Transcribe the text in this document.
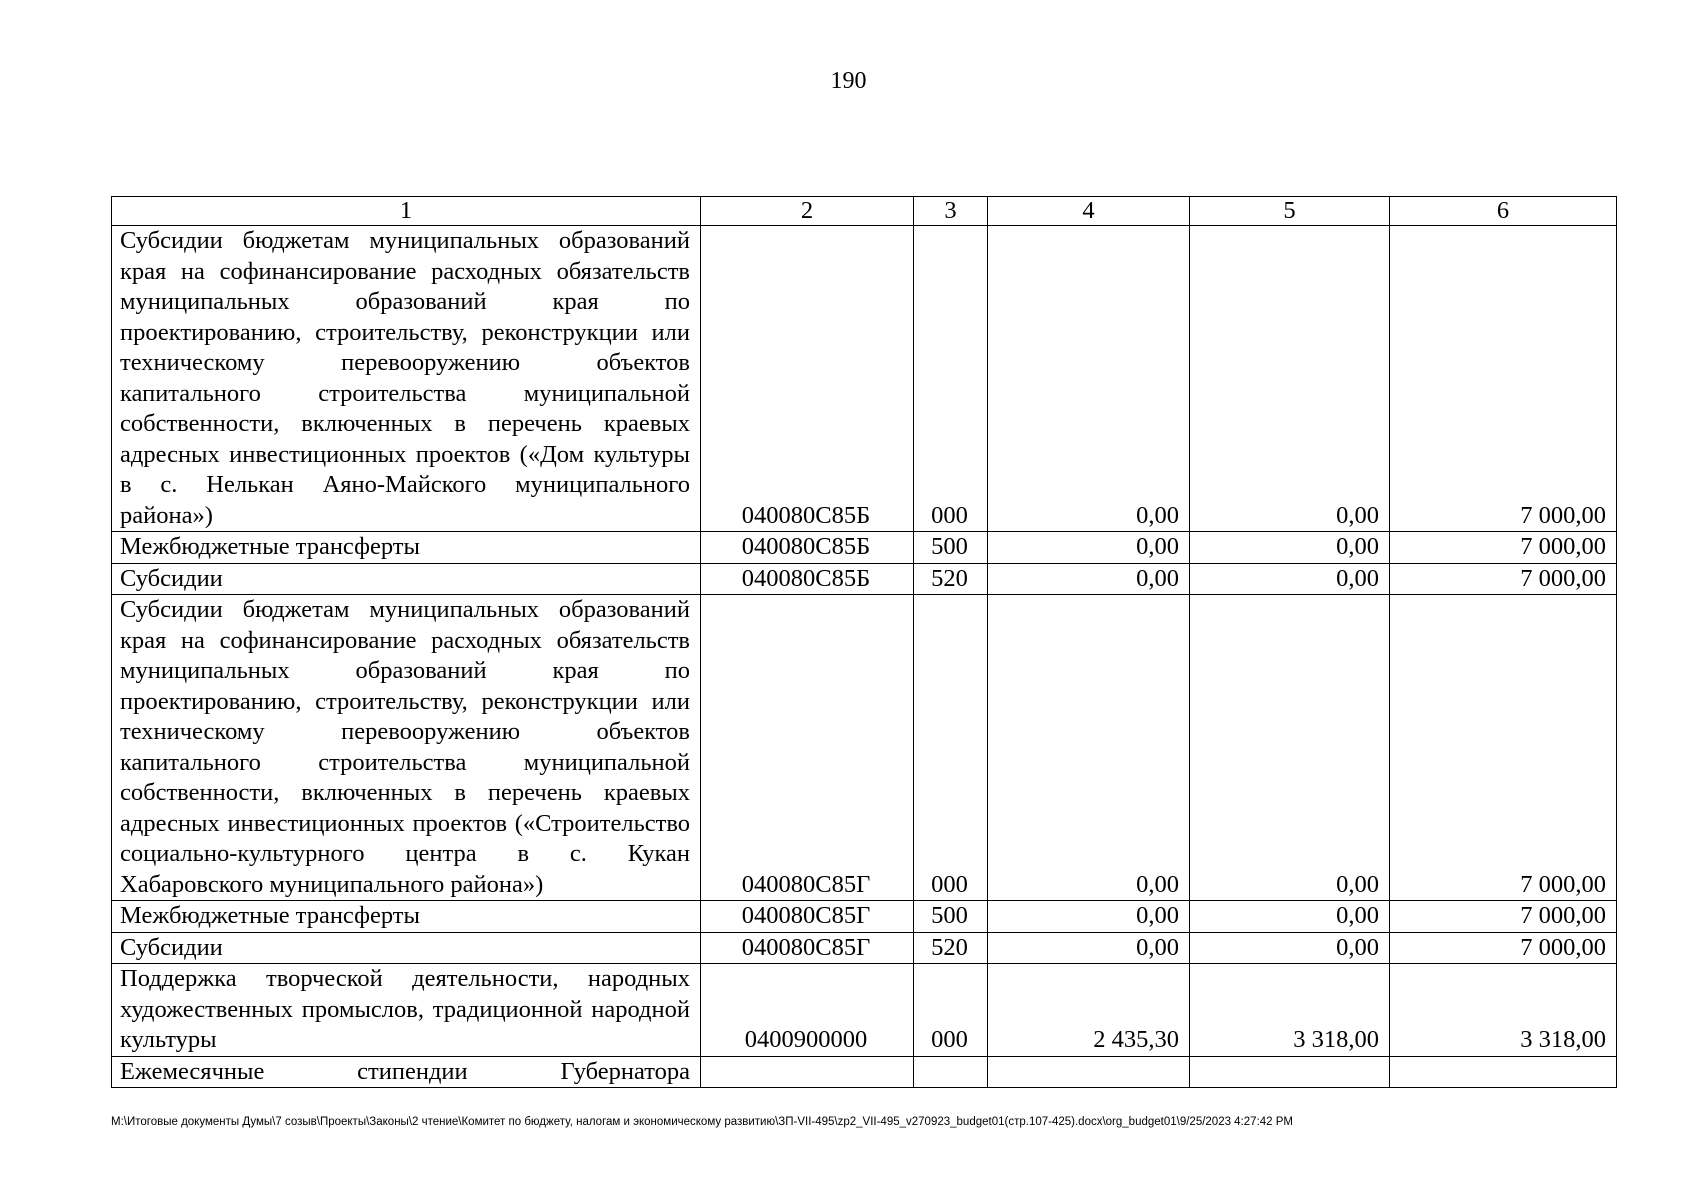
190
1	2	3	4	5	6
Субсидии бюджетам муниципальных образований края на софинансирование расходных обязательств муниципальных образований края по проектированию, строительству, реконструкции или техническому перевооружению объектов капитального строительства муниципальной собственности, включенных в перечень краевых адресных инвестиционных проектов («Дом культуры в с. Нелькан Аяно-Майского муниципального района»)	040080С85Б	000	0,00	0,00	7 000,00
Межбюджетные трансферты	040080С85Б	500	0,00	0,00	7 000,00
Субсидии	040080С85Б	520	0,00	0,00	7 000,00
Субсидии бюджетам муниципальных образований края на софинансирование расходных обязательств муниципальных образований края по проектированию, строительству, реконструкции или техническому перевооружению объектов капитального строительства муниципальной собственности, включенных в перечень краевых адресных инвестиционных проектов («Строительство социально-культурного центра в с. Кукан Хабаровского муниципального района»)	040080С85Г	000	0,00	0,00	7 000,00
Межбюджетные трансферты	040080С85Г	500	0,00	0,00	7 000,00
Субсидии	040080С85Г	520	0,00	0,00	7 000,00
Поддержка творческой деятельности, народных художественных промыслов, традиционной народной культуры	0400900000	000	2 435,30	3 318,00	3 318,00
Ежемесячные стипендии Губернатора					
М:\Итоговые документы Думы\7 созыв\Проекты\Законы\2 чтение\Комитет по бюджету, налогам и экономическому развитию\ЗП-VII-495\zp2_VII-495_v270923_budget01(стр.107-425).docx\org_budget01\9/25/2023 4:27:42 PM
